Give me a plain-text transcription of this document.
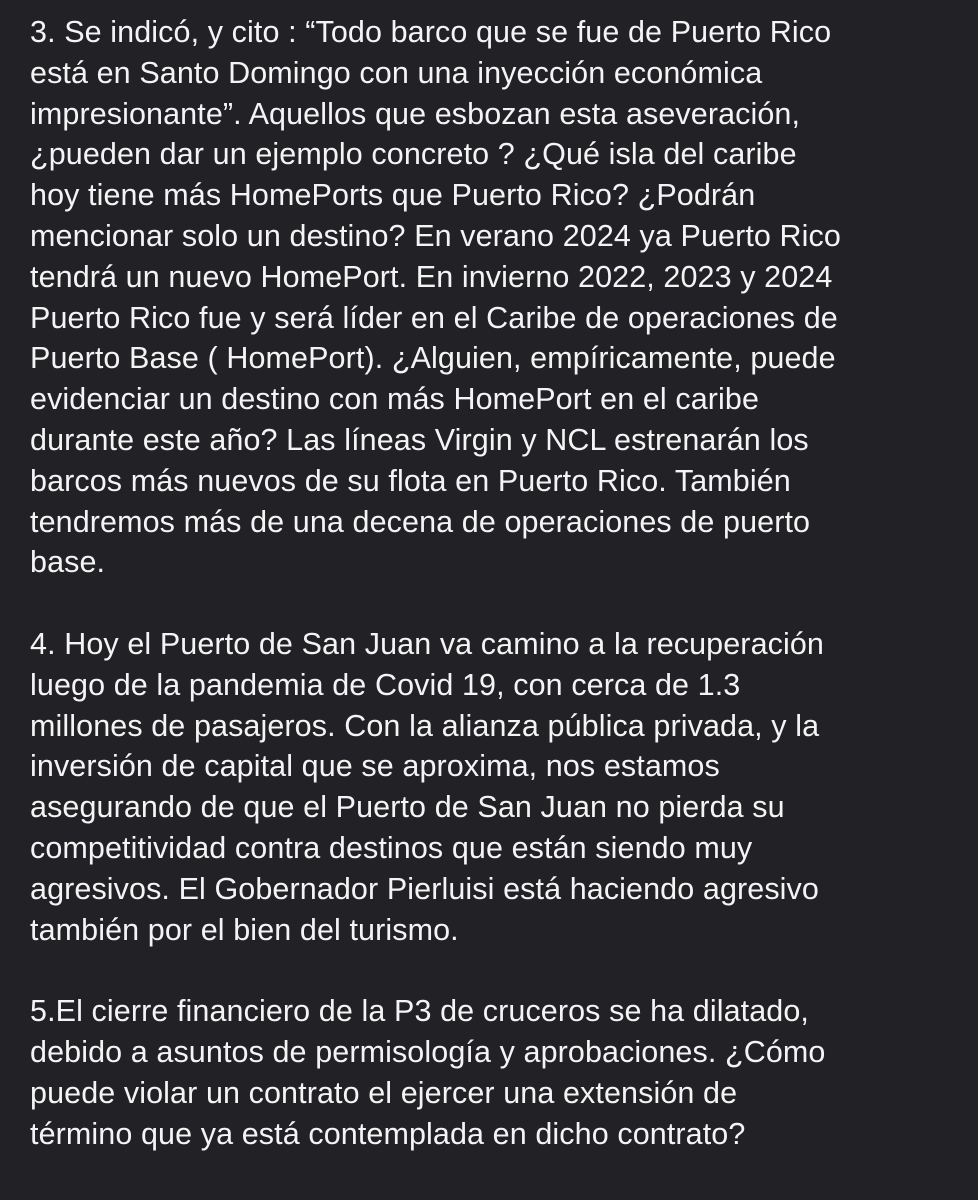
3. Se indicó, y cito : “Todo barco que se fue de Puerto Rico
está en Santo Domingo con una inyección económica
impresionante”. Aquellos que esbozan esta aseveración,
¿pueden dar un ejemplo concreto ? ¿Qué isla del caribe
hoy tiene más HomePorts que Puerto Rico? ¿Podrán
mencionar solo un destino? En verano 2024 ya Puerto Rico
tendrá un nuevo HomePort. En invierno 2022, 2023 y 2024
Puerto Rico fue y será líder en el Caribe de operaciones de
Puerto Base ( HomePort). ¿Alguien, empíricamente, puede
evidenciar un destino con más HomePort en el caribe
durante este año? Las líneas Virgin y NCL estrenarán los
barcos más nuevos de su flota en Puerto Rico. También
tendremos más de una decena de operaciones de puerto
base.

4. Hoy el Puerto de San Juan va camino a la recuperación
luego de la pandemia de Covid 19, con cerca de 1.3
millones de pasajeros. Con la alianza pública privada, y la
inversión de capital que se aproxima, nos estamos
asegurando de que el Puerto de San Juan no pierda su
competitividad contra destinos que están siendo muy
agresivos. El Gobernador Pierluisi está haciendo agresivo
también por el bien del turismo.

5.El cierre financiero de la P3 de cruceros se ha dilatado,
debido a asuntos de permisología y aprobaciones. ¿Cómo
puede violar un contrato el ejercer una extensión de
término que ya está contemplada en dicho contrato?
